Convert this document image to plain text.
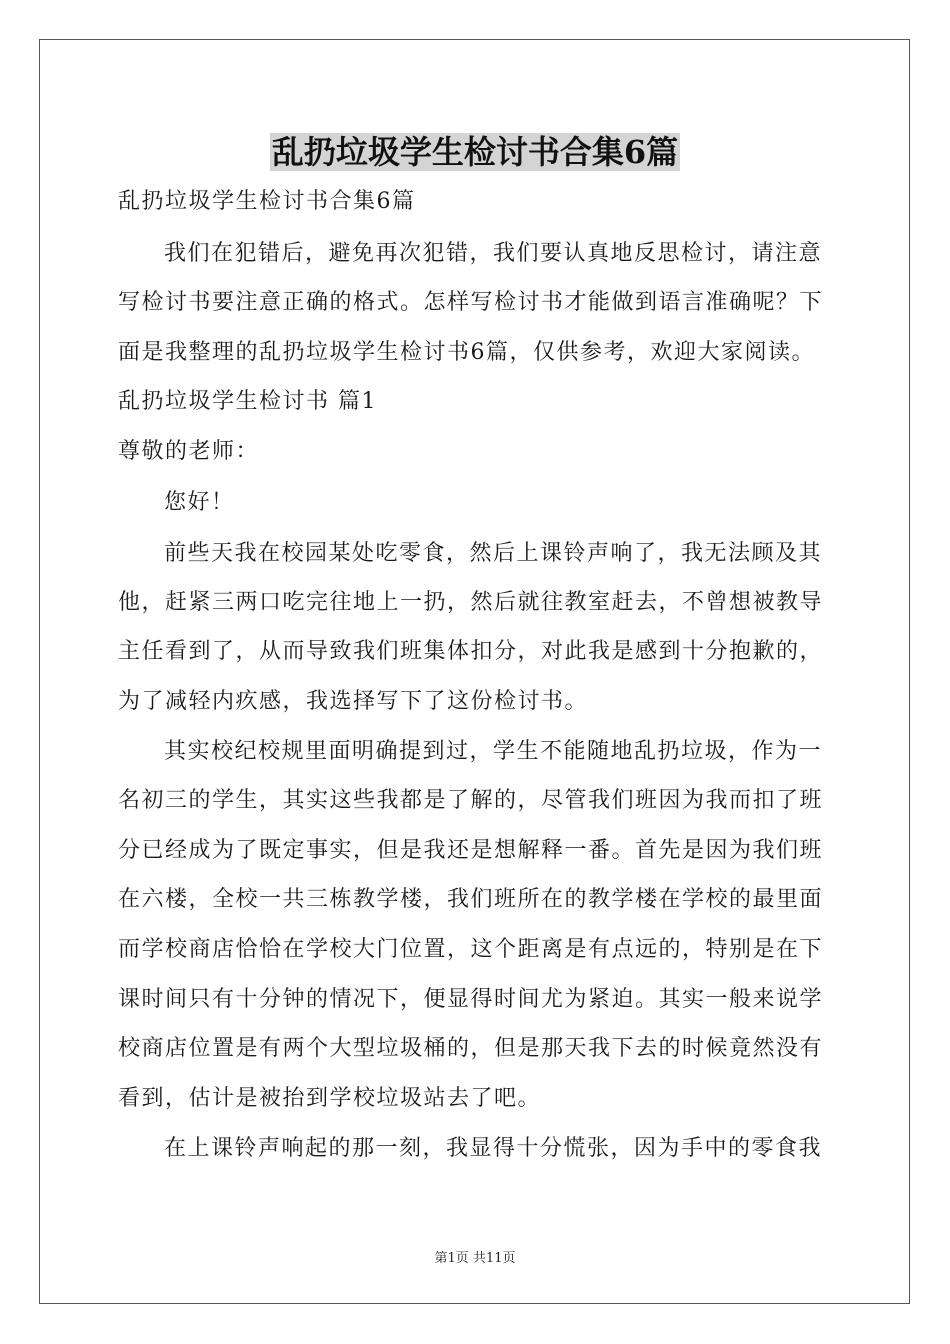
乱扔垃圾学生检讨书合集6篇
乱扔垃圾学生检讨书合集6篇
我们在犯错后，避免再次犯错，我们要认真地反思检讨，请注意
写检讨书要注意正确的格式。怎样写检讨书才能做到语言准确呢？下
面是我整理的乱扔垃圾学生检讨书6篇，仅供参考，欢迎大家阅读。
乱扔垃圾学生检讨书 篇1
尊敬的老师：
您好！
前些天我在校园某处吃零食，然后上课铃声响了，我无法顾及其
他，赶紧三两口吃完往地上一扔，然后就往教室赶去，不曾想被教导
主任看到了，从而导致我们班集体扣分，对此我是感到十分抱歉的，
为了减轻内疚感，我选择写下了这份检讨书。
其实校纪校规里面明确提到过，学生不能随地乱扔垃圾，作为一
名初三的学生，其实这些我都是了解的，尽管我们班因为我而扣了班
分已经成为了既定事实，但是我还是想解释一番。首先是因为我们班
在六楼，全校一共三栋教学楼，我们班所在的教学楼在学校的最里面
而学校商店恰恰在学校大门位置，这个距离是有点远的，特别是在下
课时间只有十分钟的情况下，便显得时间尤为紧迫。其实一般来说学
校商店位置是有两个大型垃圾桶的，但是那天我下去的时候竟然没有
看到，估计是被抬到学校垃圾站去了吧。
在上课铃声响起的那一刻，我显得十分慌张，因为手中的零食我
第1页 共11页
